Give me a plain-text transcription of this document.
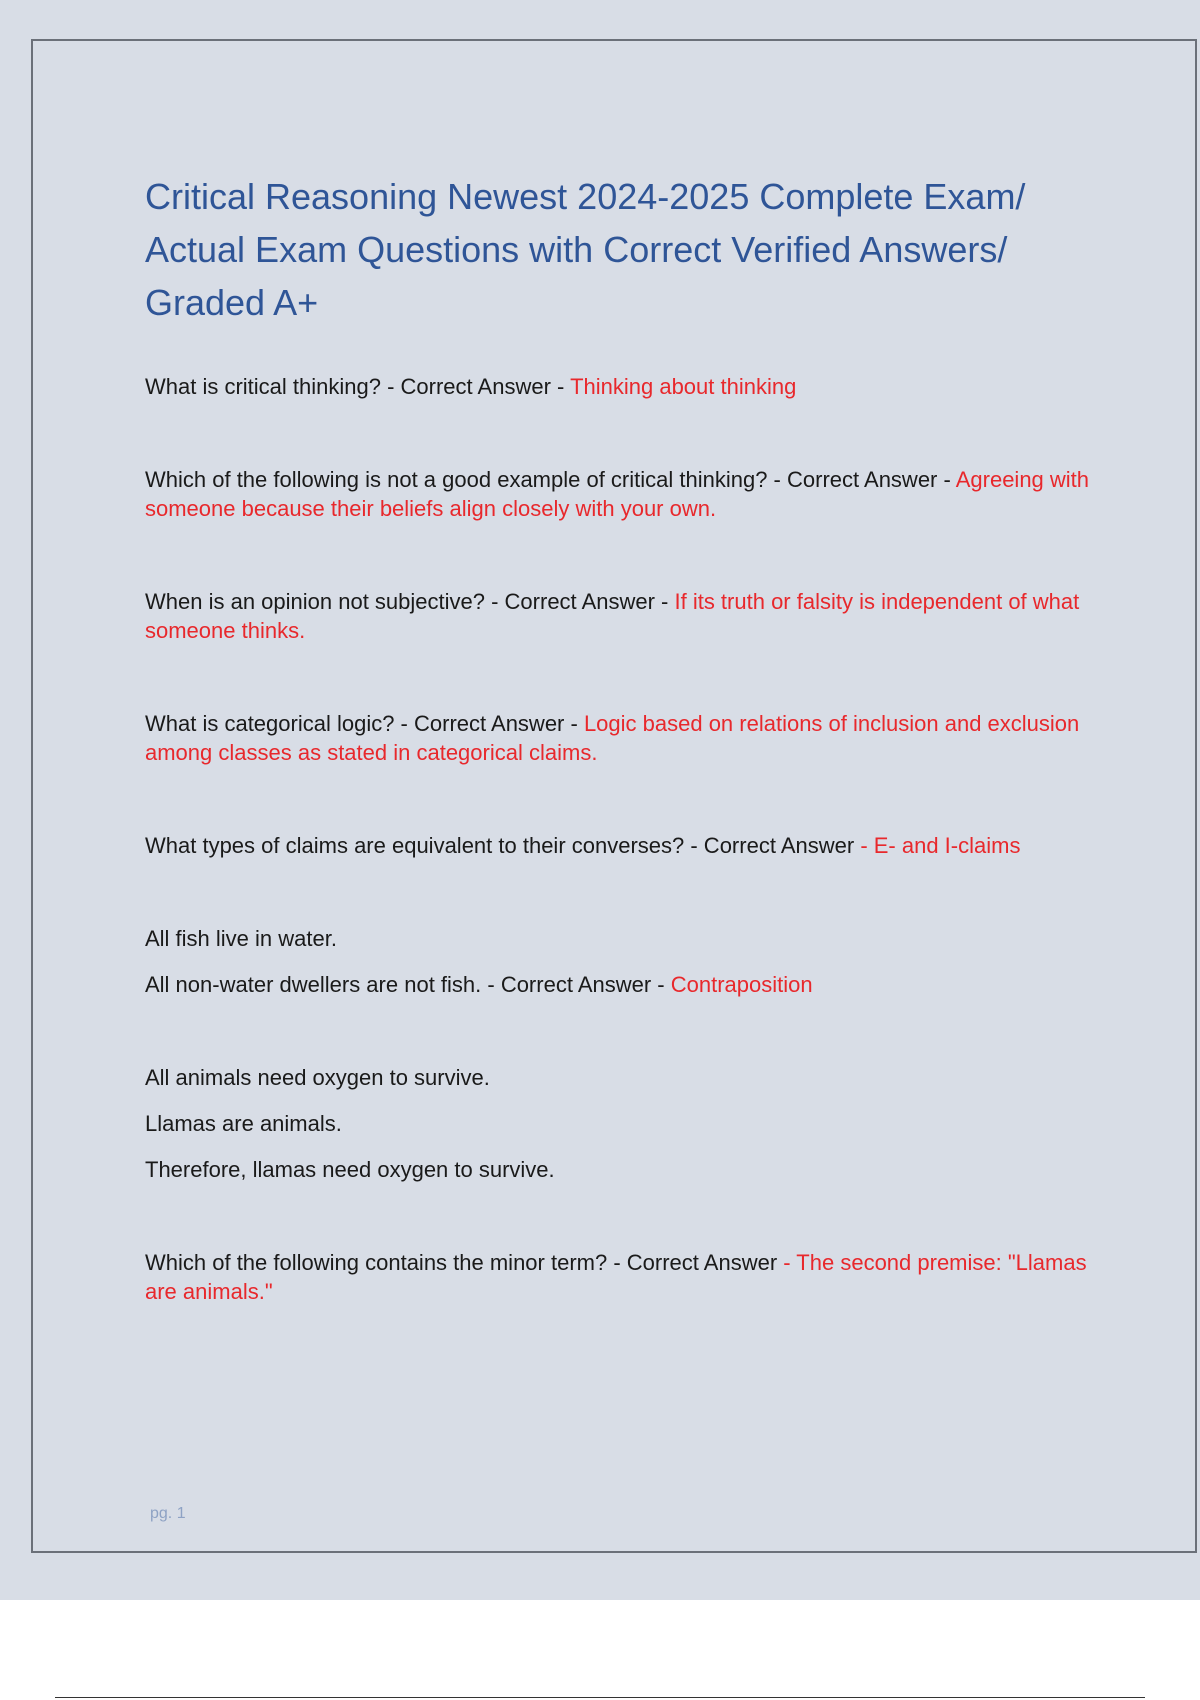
Critical Reasoning Newest 2024-2025 Complete Exam/ Actual Exam Questions with Correct Verified Answers/ Graded A+

What is critical thinking? - Correct Answer - Thinking about thinking

Which of the following is not a good example of critical thinking? - Correct Answer - Agreeing with someone because their beliefs align closely with your own.

When is an opinion not subjective? - Correct Answer - If its truth or falsity is independent of what someone thinks.

What is categorical logic? - Correct Answer - Logic based on relations of inclusion and exclusion among classes as stated in categorical claims.

What types of claims are equivalent to their converses? - Correct Answer - E- and I-claims

All fish live in water.

All non-water dwellers are not fish. - Correct Answer - Contraposition

All animals need oxygen to survive.

Llamas are animals.

Therefore, llamas need oxygen to survive.

Which of the following contains the minor term? - Correct Answer - The second premise: "Llamas are animals."

pg. 1
